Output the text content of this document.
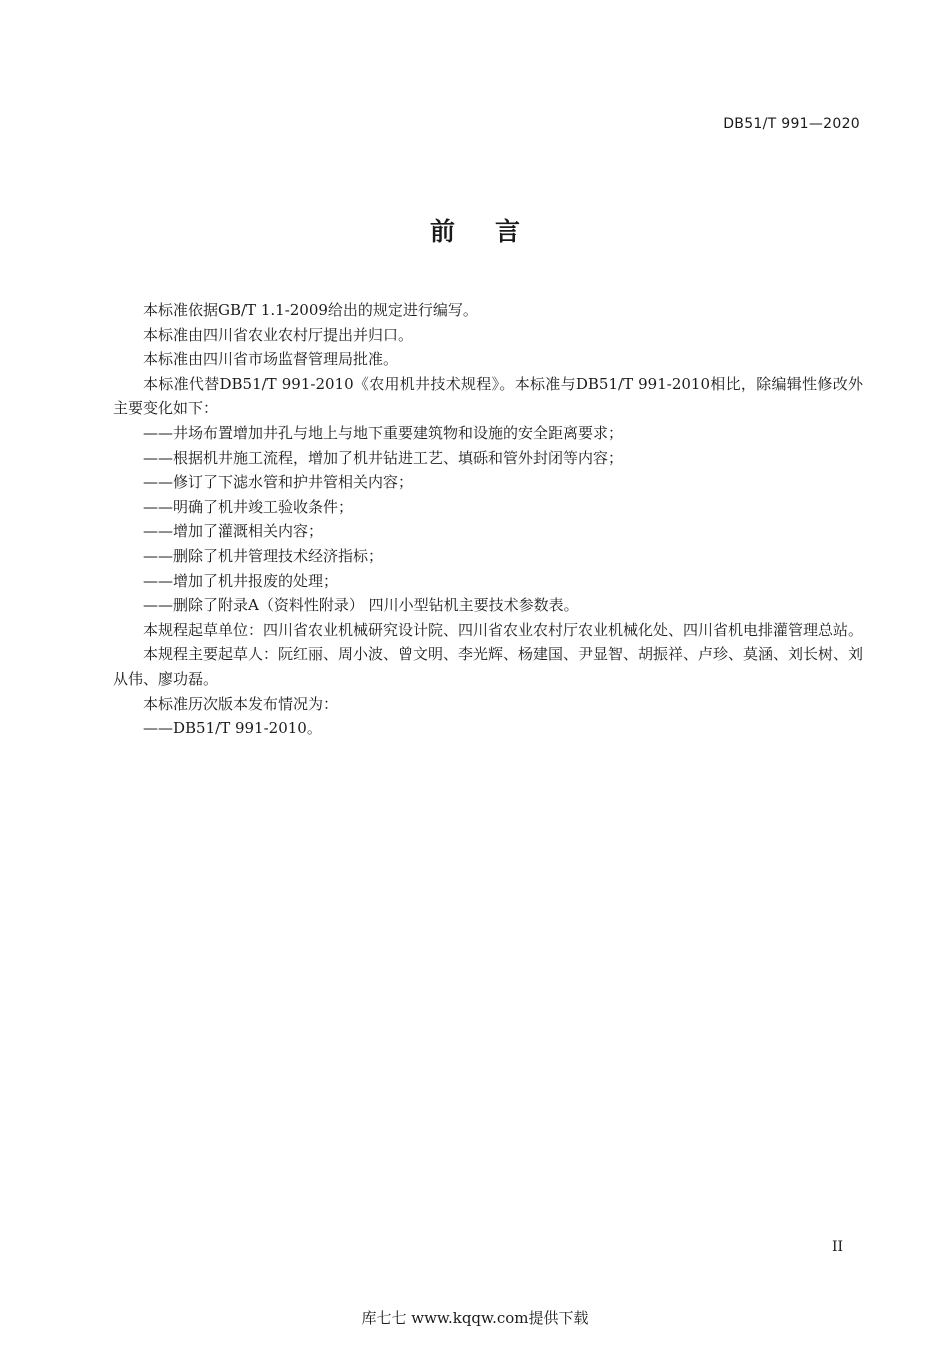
DB51/T 991—2020
前言

本标准依据GB/T 1.1-2009给出的规定进行编写。

本标准由四川省农业农村厅提出并归口。

本标准由四川省市场监督管理局批准。

本标准代替DB51/T 991-2010《农用机井技术规程》。本标准与DB51/T 991-2010相比，除编辑性修改外主要变化如下：

——井场布置增加井孔与地上与地下重要建筑物和设施的安全距离要求；

——根据机井施工流程，增加了机井钻进工艺、填砾和管外封闭等内容；

——修订了下滤水管和护井管相关内容；

——明确了机井竣工验收条件；

——增加了灌溉相关内容；

——删除了机井管理技术经济指标；

——增加了机井报废的处理；

——删除了附录A（资料性附录） 四川小型钻机主要技术参数表。

本规程起草单位：四川省农业机械研究设计院、四川省农业农村厅农业机械化处、四川省机电排灌管理总站。

本规程主要起草人：阮红丽、周小波、曾文明、李光辉、杨建国、尹显智、胡振祥、卢珍、莫涵、刘长树、刘从伟、廖功磊。

本标准历次版本发布情况为：

——DB51/T 991-2010。

II
库七七 www.kqqw.com提供下载
